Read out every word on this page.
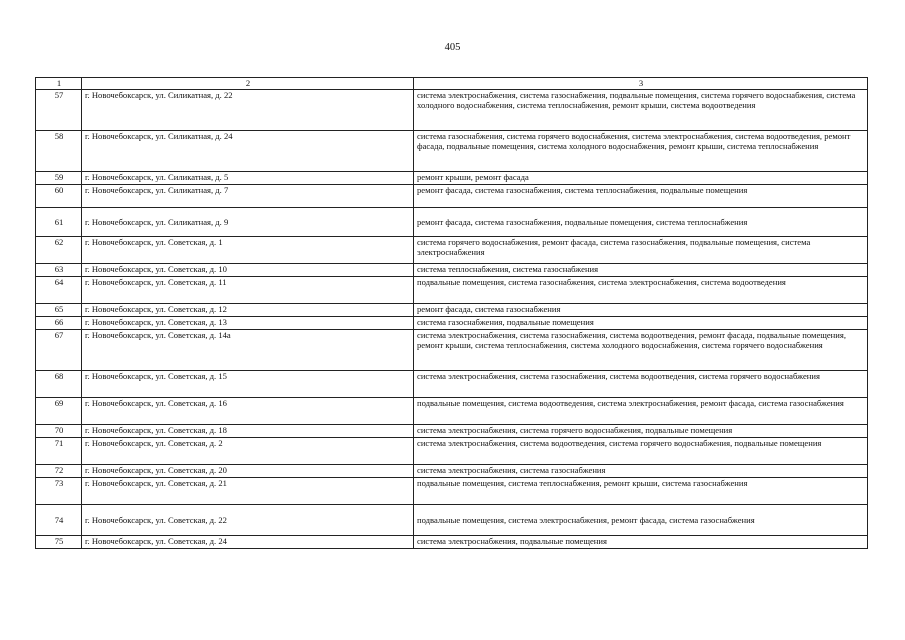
405
1	2	3
57	г. Новочебоксарск, ул. Силикатная, д. 22	система электроснабжения, система газоснабжения, подвальные помещения, система горячего водоснабжения, система холодного водоснабжения, система теплоснабжения, ремонт крыши, система водоотведения
58	г. Новочебоксарск, ул. Силикатная, д. 24	система газоснабжения, система горячего водоснабжения, система электроснабжения, система водоотведения, ремонт фасада, подвальные помещения, система холодного водоснабжения, ремонт крыши, система теплоснабжения
59	г. Новочебоксарск, ул. Силикатная, д. 5	ремонт крыши, ремонт фасада
60	г. Новочебоксарск, ул. Силикатная, д. 7	ремонт фасада, система газоснабжения, система теплоснабжения, подвальные помещения
61	г. Новочебоксарск, ул. Силикатная, д. 9	ремонт фасада, система газоснабжения, подвальные помещения, система теплоснабжения
62	г. Новочебоксарск, ул. Советская, д. 1	система горячего водоснабжения, ремонт фасада, система газоснабжения, подвальные помещения, система электроснабжения
63	г. Новочебоксарск, ул. Советская, д. 10	система теплоснабжения, система газоснабжения
64	г. Новочебоксарск, ул. Советская, д. 11	подвальные помещения, система газоснабжения, система электроснабжения, система водоотведения
65	г. Новочебоксарск, ул. Советская, д. 12	ремонт фасада, система газоснабжения
66	г. Новочебоксарск, ул. Советская, д. 13	система газоснабжения, подвальные помещения
67	г. Новочебоксарск, ул. Советская, д. 14а	система электроснабжения, система газоснабжения, система водоотведения, ремонт фасада, подвальные помещения, ремонт крыши, система теплоснабжения, система холодного водоснабжения, система горячего водоснабжения
68	г. Новочебоксарск, ул. Советская, д. 15	система электроснабжения, система газоснабжения, система водоотведения, система горячего водоснабжения
69	г. Новочебоксарск, ул. Советская, д. 16	подвальные помещения, система водоотведения, система электроснабжения, ремонт фасада, система газоснабжения
70	г. Новочебоксарск, ул. Советская, д. 18	система электроснабжения, система горячего водоснабжения, подвальные помещения
71	г. Новочебоксарск, ул. Советская, д. 2	система электроснабжения, система водоотведения, система горячего водоснабжения, подвальные помещения
72	г. Новочебоксарск, ул. Советская, д. 20	система электроснабжения, система газоснабжения
73	г. Новочебоксарск, ул. Советская, д. 21	подвальные помещения, система теплоснабжения, ремонт крыши, система газоснабжения
74	г. Новочебоксарск, ул. Советская, д. 22	подвальные помещения, система электроснабжения, ремонт фасада, система газоснабжения
75	г. Новочебоксарск, ул. Советская, д. 24	система электроснабжения, подвальные помещения
